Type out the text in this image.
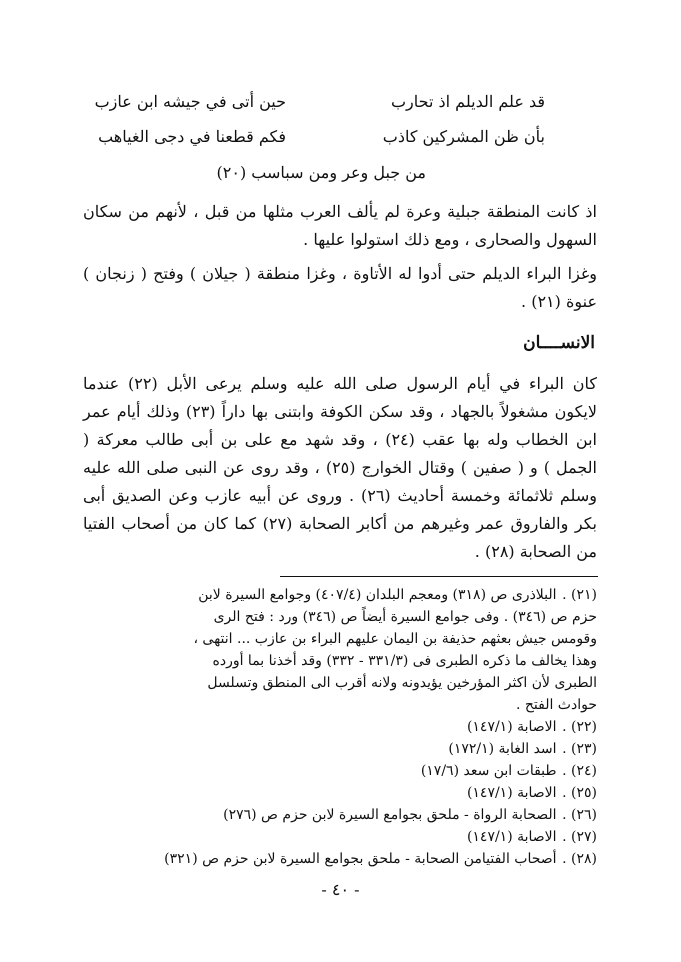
قد علم الديلم اذ تحارب
حين أتى في جيشه ابن عازب
بأن ظن المشركين كاذب
فكم قطعنا في دجى الغياهب
من جبل وعر ومن سباسب (٢٠)

اذ كانت المنطقة جبلية وعرة لم يألف العرب مثلها من قبل ، لأنهم من سكان السهول والصحارى ، ومع ذلك استولوا عليها .

وغزا البراء الديلم حتى أدوا له الأتاوة ، وغزا منطقة ( جيلان ) وفتح ( زنجان ) عنوة (٢١) .

الانســــان

كان البراء في أيام الرسول صلى الله عليه وسلم يرعى الأبل (٢٢) عندما لايكون مشغولاً بالجهاد ، وقد سكن الكوفة وابتنى بها داراً (٢٣) وذلك أيام عمر ابن الخطاب وله بها عقب (٢٤) ، وقد شهد مع على بن أبى طالب معركة ( الجمل ) و ( صفين ) وقتال الخوارج (٢٥) ، وقد روى عن النبى صلى الله عليه وسلم ثلاثمائة وخمسة أحاديث (٢٦) . وروى عن أبيه عازب وعن الصديق أبى بكر والفاروق عمر وغيرهم من أكابر الصحابة (٢٧) كما كان من أصحاب الفتيا من الصحابة (٢٨) .

(٢١) . البلاذرى ص (٣١٨) ومعجم البلدان (٤٠٧/٤) وجوامع السيرة لابن
حزم ص (٣٤٦) . وفى جوامع السيرة أيضاً ص (٣٤٦) ورد : فتح الرى
وقومس جيش بعثهم حذيفة بن اليمان عليهم البراء بن عازب ... انتهى ،
وهذا يخالف ما ذكره الطبرى فى (٣٣١/٣ - ٣٣٢) وقد أخذنا بما أورده
الطبرى لأن اكثر المؤرخين يؤيدونه ولانه أقرب الى المنطق وتسلسل
حوادث الفتح .
(٢٢) . الاصابة (١٤٧/١)
(٢٣) . اسد الغابة (١٧٢/١)
(٢٤) . طبقات ابن سعد (١٧/٦)
(٢٥) . الاصابة (١٤٧/١)
(٢٦) . الصحابة الرواة - ملحق بجوامع السيرة لابن حزم ص (٢٧٦)
(٢٧) . الاصابة (١٤٧/١)
(٢٨) . أصحاب الفتيامن الصحابة - ملحق بجوامع السيرة لابن حزم ص (٣٢١)
- ٤٠ -
